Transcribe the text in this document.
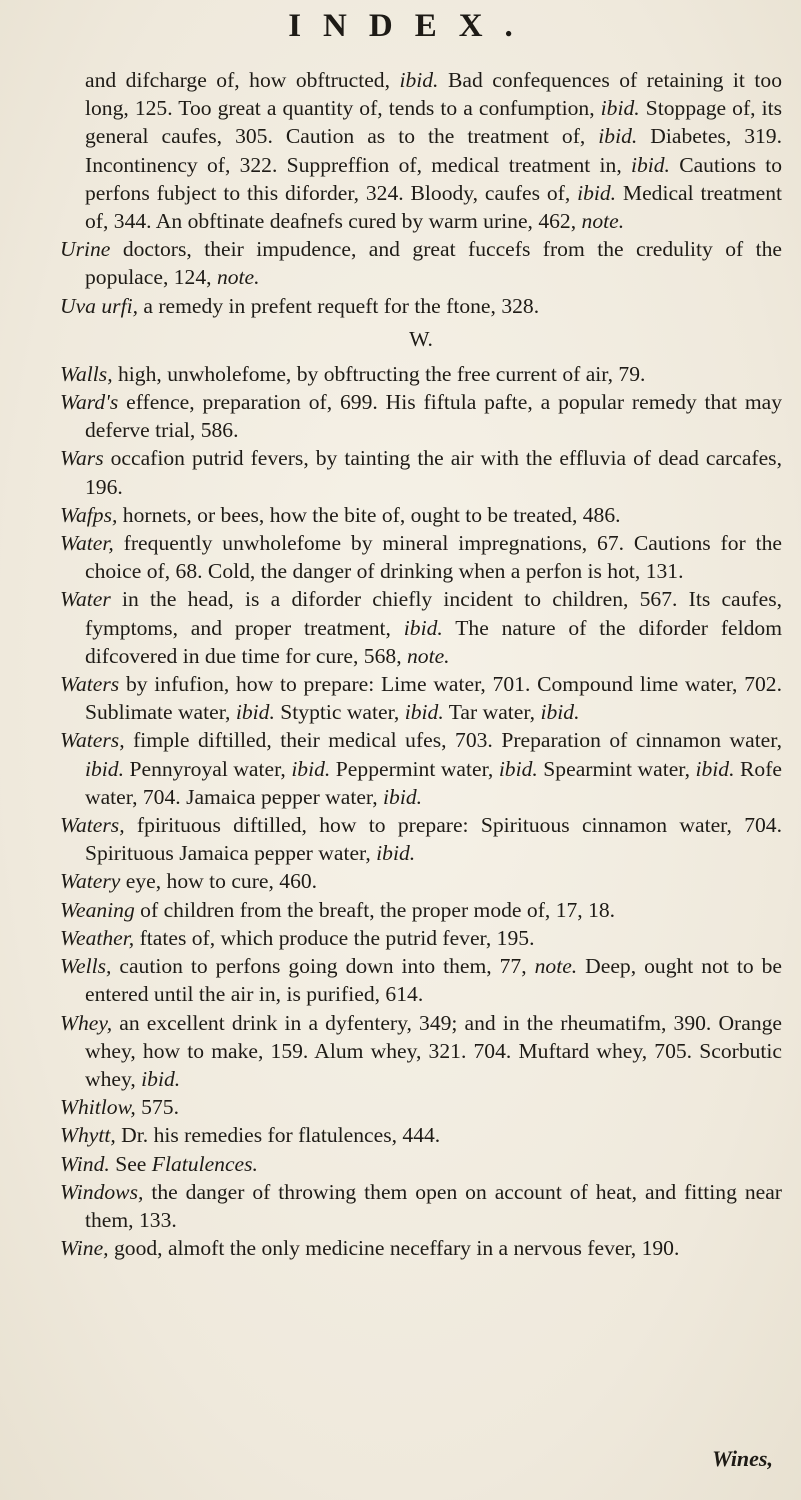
INDEX.

and difcharge of, how obftructed, ibid. Bad confequences of retaining it too long, 125. Too great a quantity of, tends to a confumption, ibid. Stoppage of, its general caufes, 305. Caution as to the treatment of, ibid. Diabetes, 319. Incontinency of, 322. Suppreffion of, medical treatment in, ibid. Cautions to perfons fubject to this diforder, 324. Bloody, caufes of, ibid. Medical treatment of, 344. An obftinate deafnefs cured by warm urine, 462, note.

Urine doctors, their impudence, and great fuccefs from the credulity of the populace, 124, note.

Uva urfi, a remedy in prefent requeft for the ftone, 328.

W.

Walls, high, unwholefome, by obftructing the free current of air, 79.

Ward's effence, preparation of, 699. His fiftula pafte, a popular remedy that may deferve trial, 586.

Wars occafion putrid fevers, by tainting the air with the effluvia of dead carcafes, 196.

Wafps, hornets, or bees, how the bite of, ought to be treated, 486.

Water, frequently unwholefome by mineral impregnations, 67. Cautions for the choice of, 68. Cold, the danger of drinking when a perfon is hot, 131.

Water in the head, is a diforder chiefly incident to children, 567. Its caufes, fymptoms, and proper treatment, ibid. The nature of the diforder feldom difcovered in due time for cure, 568, note.

Waters by infufion, how to prepare: Lime water, 701. Compound lime water, 702. Sublimate water, ibid. Styptic water, ibid. Tar water, ibid.

Waters, fimple diftilled, their medical ufes, 703. Preparation of cinnamon water, ibid. Pennyroyal water, ibid. Peppermint water, ibid. Spearmint water, ibid. Rofe water, 704. Jamaica pepper water, ibid.

Waters, fpirituous diftilled, how to prepare: Spirituous cinnamon water, 704. Spirituous Jamaica pepper water, ibid.

Watery eye, how to cure, 460.

Weaning of children from the breaft, the proper mode of, 17, 18.

Weather, ftates of, which produce the putrid fever, 195.

Wells, caution to perfons going down into them, 77, note. Deep, ought not to be entered until the air in, is purified, 614.

Whey, an excellent drink in a dyfentery, 349; and in the rheumatifm, 390. Orange whey, how to make, 159. Alum whey, 321. 704. Muftard whey, 705. Scorbutic whey, ibid.

Whitlow, 575.

Whytt, Dr. his remedies for flatulences, 444.

Wind. See Flatulences.

Windows, the danger of throwing them open on account of heat, and fitting near them, 133.

Wine, good, almoft the only medicine neceffary in a nervous fever, 190.

Wines,
